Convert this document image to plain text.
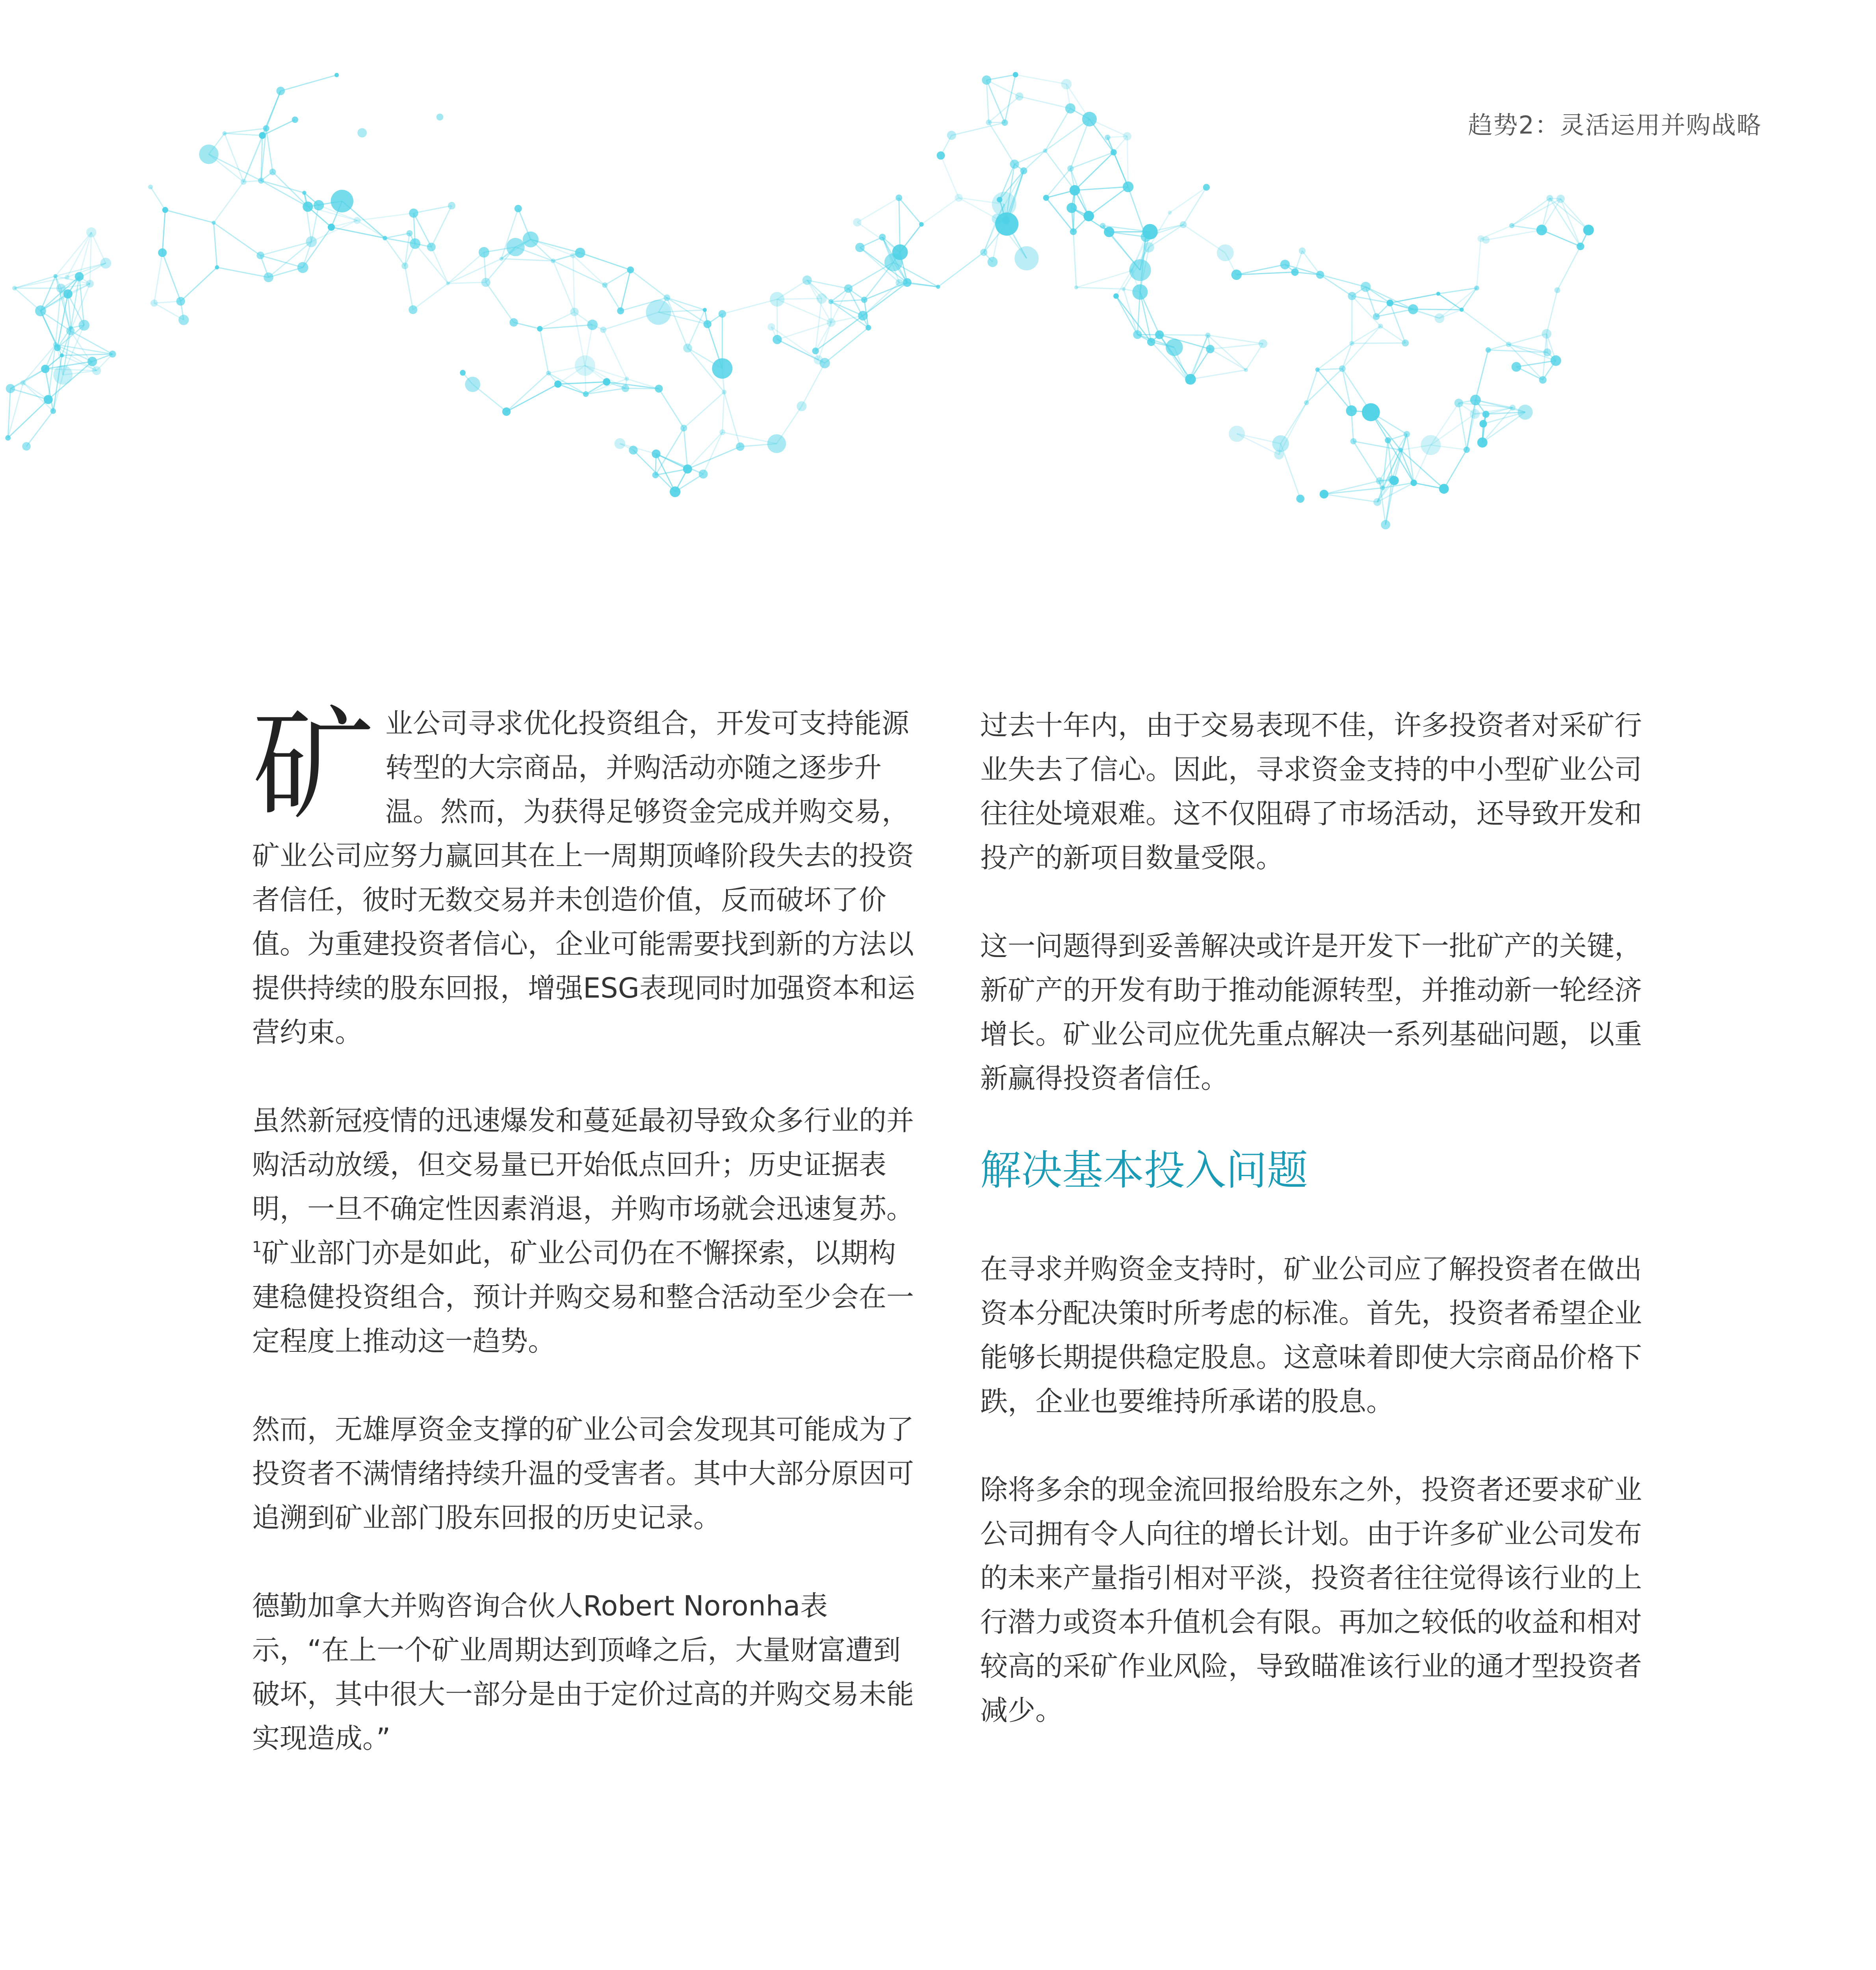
趋势2：灵活运用并购战略

矿业公司寻求优化投资组合，开发可支持能源转型的大宗商品，并购活动亦随之逐步升温。然而，为获得足够资金完成并购交易，矿业公司应努力赢回其在上一周期顶峰阶段失去的投资者信任，彼时无数交易并未创造价值，反而破坏了价值。为重建投资者信心，企业可能需要找到新的方法以提供持续的股东回报，增强ESG表现同时加强资本和运营约束。

虽然新冠疫情的迅速爆发和蔓延最初导致众多行业的并购活动放缓，但交易量已开始低点回升；历史证据表明，一旦不确定性因素消退，并购市场就会迅速复苏。$^1$矿业部门亦是如此，矿业公司仍在不懈探索，以期构建稳健投资组合，预计并购交易和整合活动至少会在一定程度上推动这一趋势。

然而，无雄厚资金支撑的矿业公司会发现其可能成为了投资者不满情绪持续升温的受害者。其中大部分原因可追溯到矿业部门股东回报的历史记录。

德勤加拿大并购咨询合伙人Robert Noronha表示，“在上一个矿业周期达到顶峰之后，大量财富遭到破坏，其中很大一部分是由于定价过高的并购交易未能实现造成。”

过去十年内，由于交易表现不佳，许多投资者对采矿行业失去了信心。因此，寻求资金支持的中小型矿业公司往往处境艰难。这不仅阻碍了市场活动，还导致开发和投产的新项目数量受限。

这一问题得到妥善解决或许是开发下一批矿产的关键，新矿产的开发有助于推动能源转型，并推动新一轮经济增长。矿业公司应优先重点解决一系列基础问题，以重新赢得投资者信任。

解决基本投入问题

在寻求并购资金支持时，矿业公司应了解投资者在做出资本分配决策时所考虑的标准。首先，投资者希望企业能够长期提供稳定股息。这意味着即使大宗商品价格下跌，企业也要维持所承诺的股息。

除将多余的现金流回报给股东之外，投资者还要求矿业公司拥有令人向往的增长计划。由于许多矿业公司发布的未来产量指引相对平淡，投资者往往觉得该行业的上行潜力或资本升值机会有限。再加之较低的收益和相对较高的采矿作业风险，导致瞄准该行业的通才型投资者减少。
